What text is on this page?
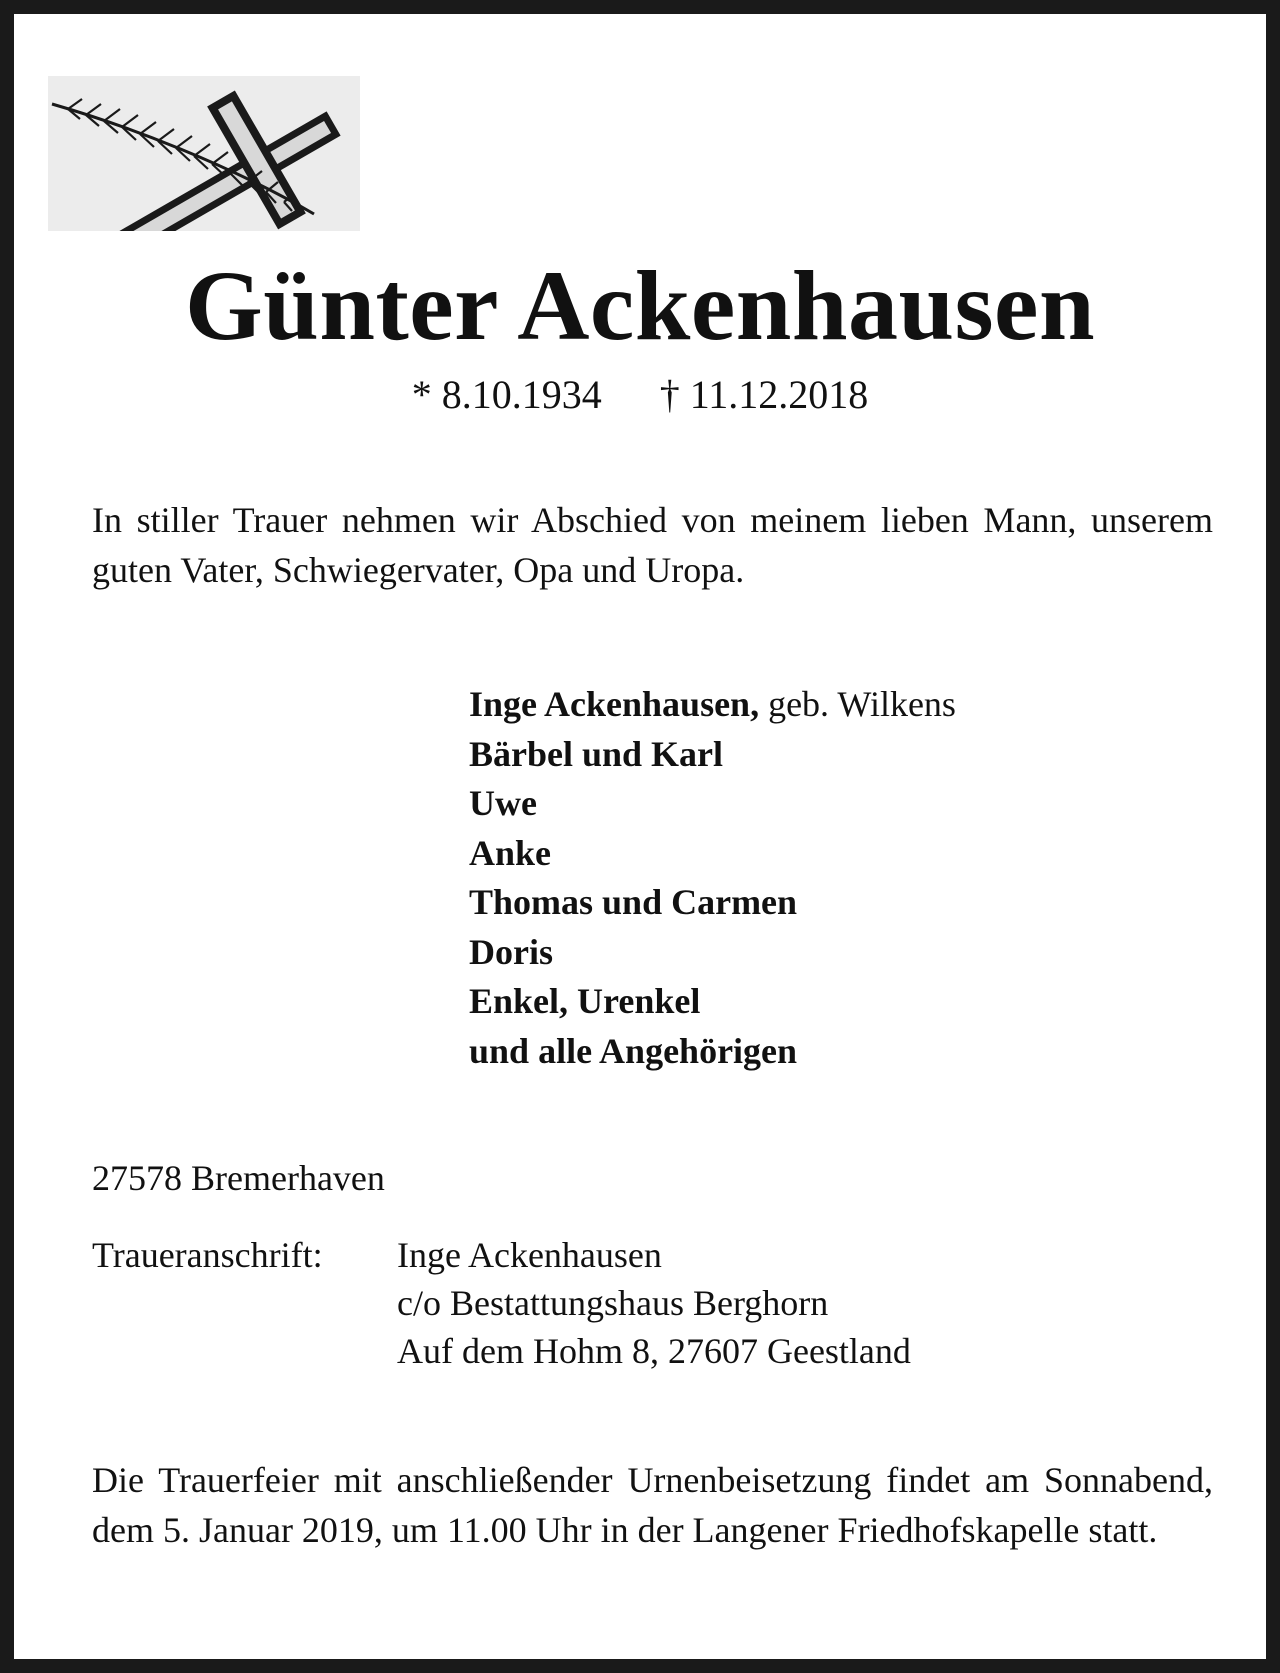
Günter Ackenhausen
* 8.10.1934 † 11.12.2018
In stiller Trauer nehmen wir Abschied von meinem lieben Mann, unserem guten Vater, Schwiegervater, Opa und Uropa.
Inge Ackenhausen, geb. Wilkens
Bärbel und Karl
Uwe
Anke
Thomas und Carmen
Doris
Enkel, Urenkel
und alle Angehörigen
27578 Bremerhaven
Traueranschrift: Inge Ackenhausen
c/o Bestattungshaus Berghorn
Auf dem Hohm 8, 27607 Geestland
Die Trauerfeier mit anschließender Urnenbeisetzung findet am Sonnabend, dem 5. Januar 2019, um 11.00 Uhr in der Langener Friedhofskapelle statt.
